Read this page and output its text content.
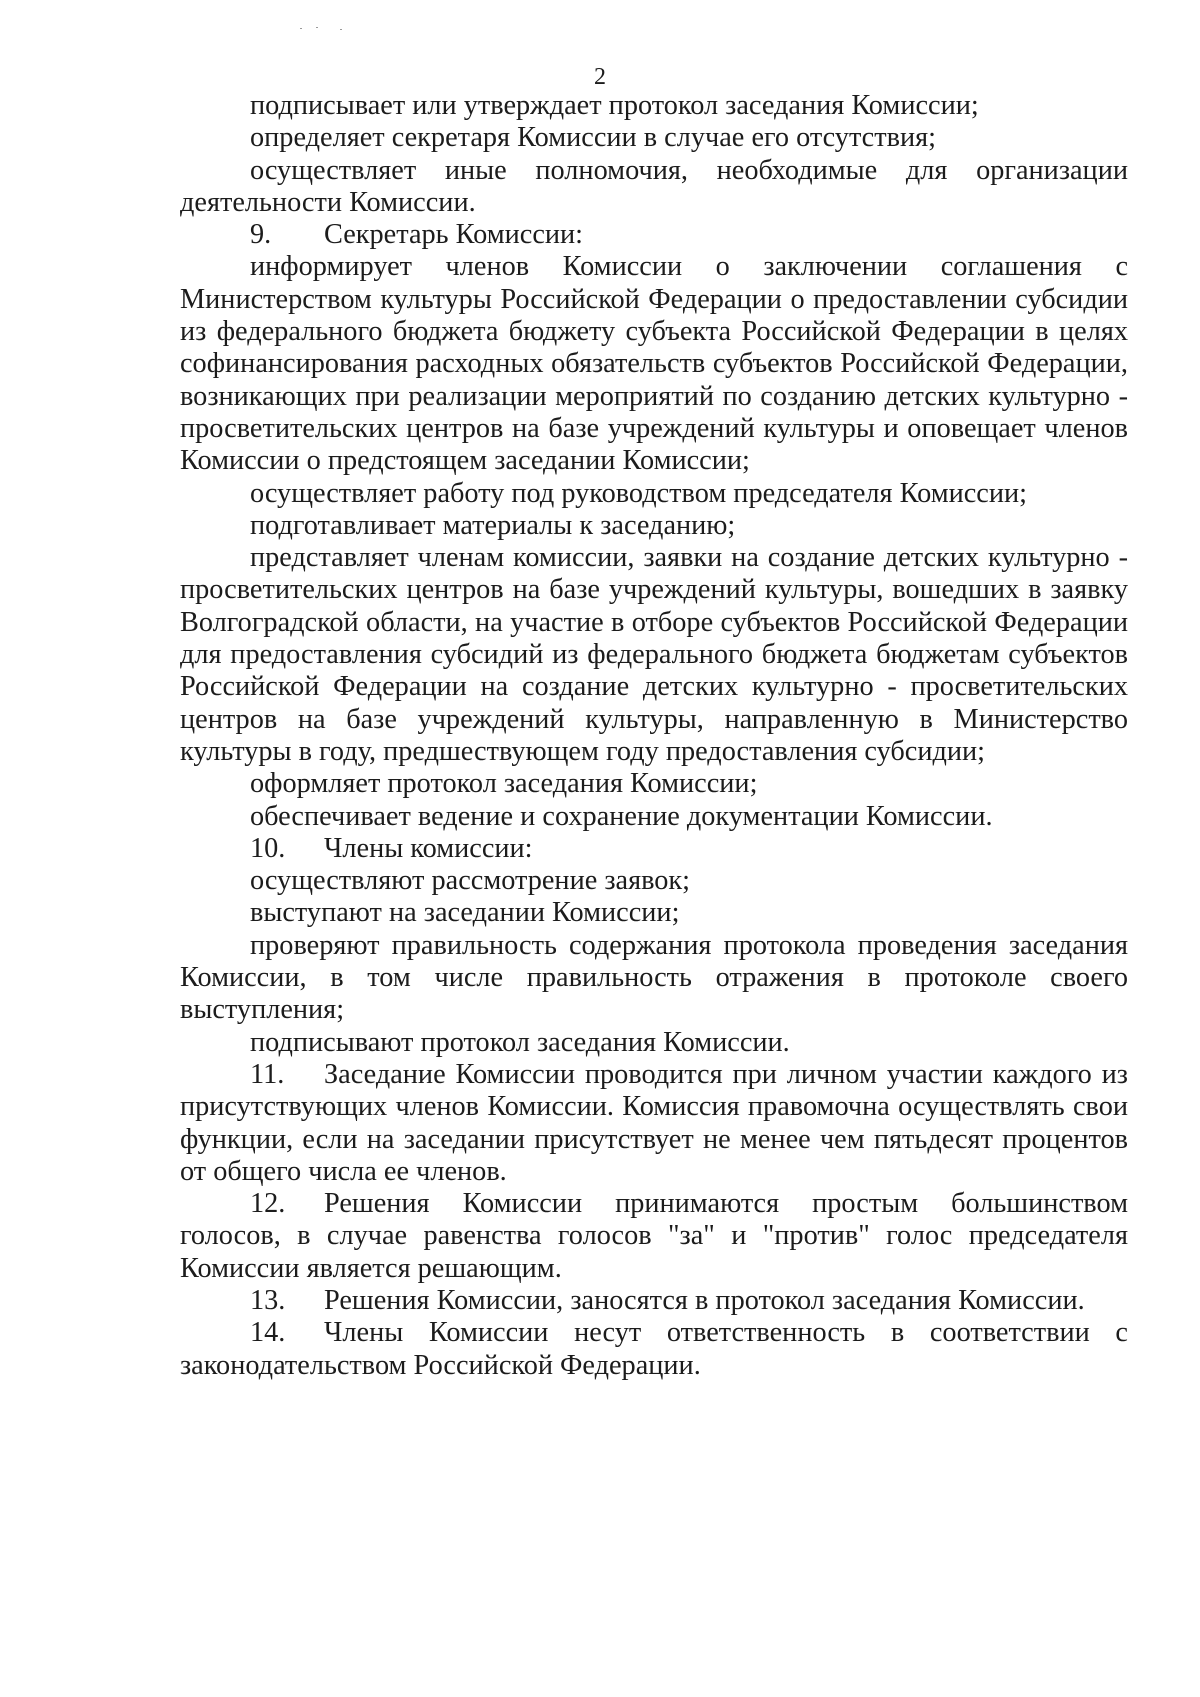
2

подписывает или утверждает протокол заседания Комиссии;

определяет секретаря Комиссии в случае его отсутствия;

осуществляет иные полномочия, необходимые для организации деятельности Комиссии.

9. Секретарь Комиссии:

информирует членов Комиссии о заключении соглашения с Министерством культуры Российской Федерации о предоставлении субсидии из федерального бюджета бюджету субъекта Российской Федерации в целях софинансирования расходных обязательств субъектов Российской Федерации, возникающих при реализации мероприятий по созданию детских культурно - просветительских центров на базе учреждений культуры и оповещает членов Комиссии о предстоящем заседании Комиссии;

осуществляет работу под руководством председателя Комиссии;

подготавливает материалы к заседанию;

представляет членам комиссии, заявки на создание детских культурно - просветительских центров на базе учреждений культуры, вошедших в заявку Волгоградской области, на участие в отборе субъектов Российской Федерации для предоставления субсидий из федерального бюджета бюджетам субъектов Российской Федерации на создание детских культурно - просветительских центров на базе учреждений культуры, направленную в Министерство культуры в году, предшествующем году предоставления субсидии;

оформляет протокол заседания Комиссии;

обеспечивает ведение и сохранение документации Комиссии.

10. Члены комиссии:

осуществляют рассмотрение заявок;

выступают на заседании Комиссии;

проверяют правильность содержания протокола проведения заседания Комиссии, в том числе правильность отражения в протоколе своего выступления;

подписывают протокол заседания Комиссии.

11. Заседание Комиссии проводится при личном участии каждого из присутствующих членов Комиссии. Комиссия правомочна осуществлять свои функции, если на заседании присутствует не менее чем пятьдесят процентов от общего числа ее членов.

12. Решения Комиссии принимаются простым большинством голосов, в случае равенства голосов "за" и "против" голос председателя Комиссии является решающим.

13. Решения Комиссии, заносятся в протокол заседания Комиссии.

14. Члены Комиссии несут ответственность в соответствии с законодательством Российской Федерации.
